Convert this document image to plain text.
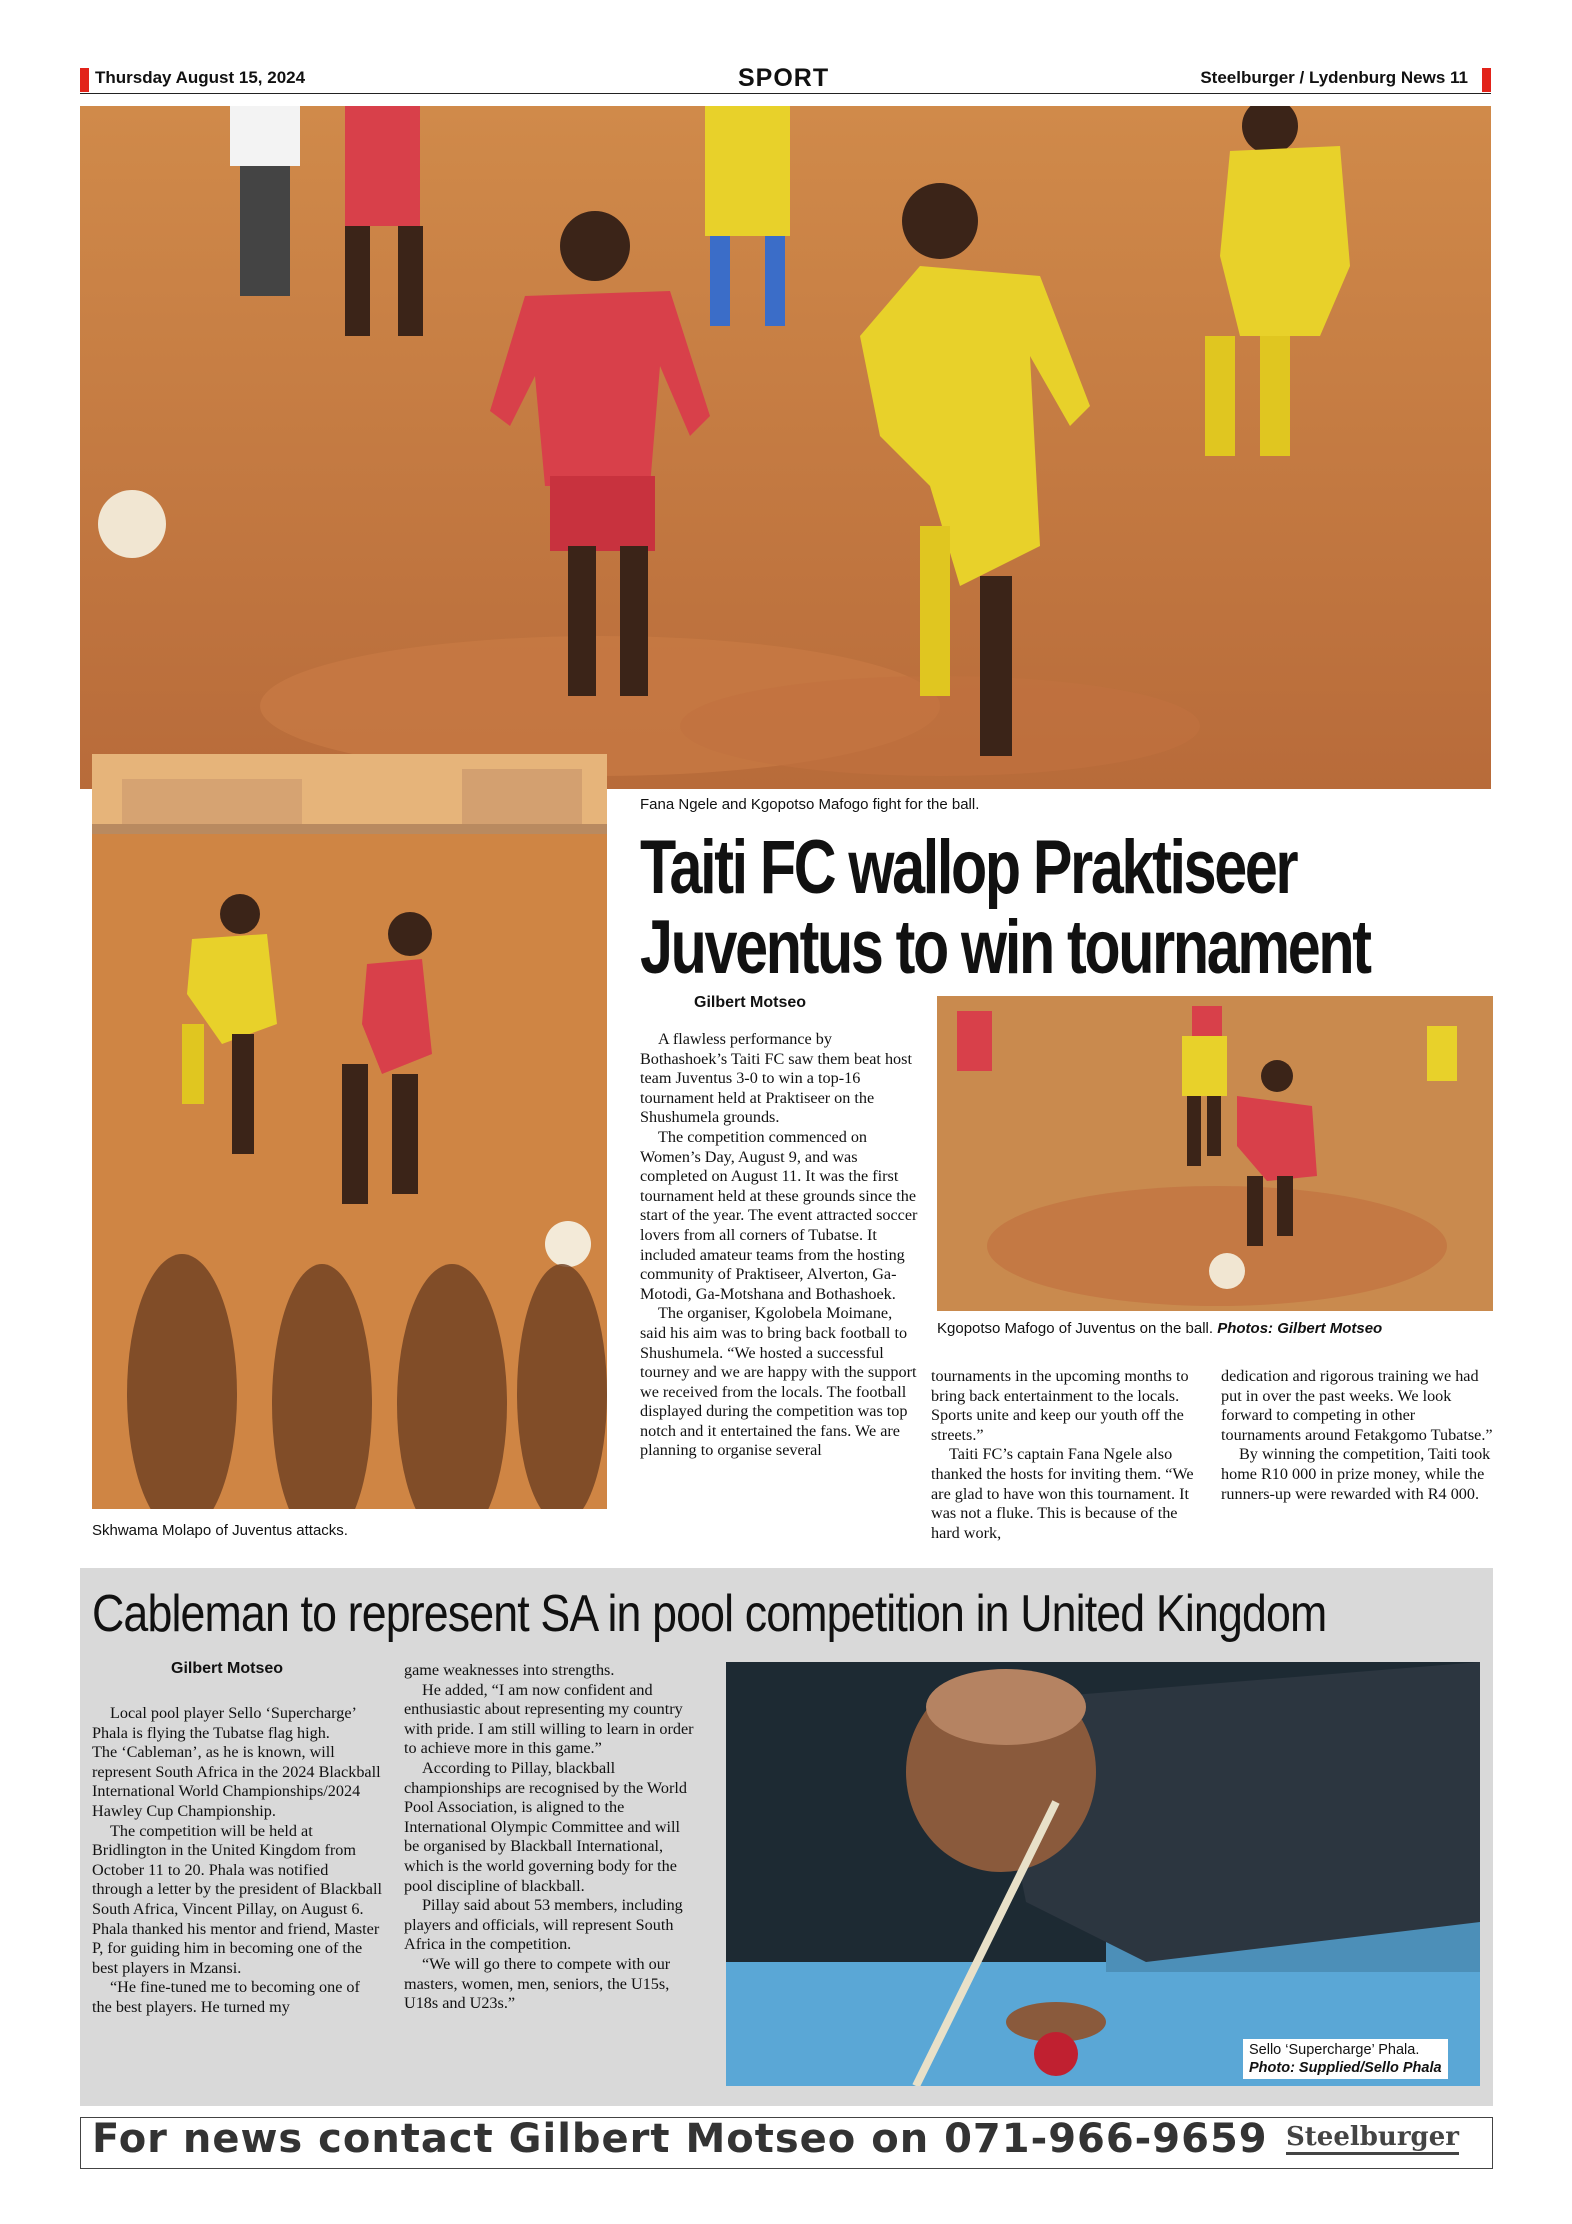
Thursday August 15, 2024	SPORT	Steelburger / Lydenburg News 11
Skhwama Molapo of Juventus attacks.
Fana Ngele and Kgopotso Mafogo fight for the ball.
Taiti FC wallop Praktiseer
Juventus to win tournament
Gilbert Motseo

A flawless performance by Bothashoek’s Taiti FC saw them beat host team Juventus 3-0 to win a top-16 tournament held at Praktiseer on the Shushumela grounds.

The competition commenced on Women’s Day, August 9, and was completed on August 11. It was the first tournament held at these grounds since the start of the year. The event attracted soccer lovers from all corners of Tubatse. It included amateur teams from the hosting community of Praktiseer, Alverton, Ga-Motodi, Ga-Motshana and Bothashoek.

The organiser, Kgolobela Moimane, said his aim was to bring back football to Shushumela. “We hosted a successful tourney and we are happy with the support we received from the locals. The football displayed during the competition was top notch and it entertained the fans. We are planning to organise several

Kgopotso Mafogo of Juventus on the ball. Photos: Gilbert Motseo

tournaments in the upcoming months to bring back entertainment to the locals. Sports unite and keep our youth off the streets.”

Taiti FC’s captain Fana Ngele also thanked the hosts for inviting them. “We are glad to have won this tournament. It was not a fluke. This is because of the hard work,

dedication and rigorous training we had put in over the past weeks. We look forward to competing in other tournaments around Fetakgomo Tubatse.”

By winning the competition, Taiti took home R10 000 in prize money, while the runners-up were rewarded with R4 000.

Cableman to represent SA in pool competition in United Kingdom
Gilbert Motseo

Local pool player Sello ‘Supercharge’ Phala is flying the Tubatse flag high.

The ‘Cableman’, as he is known, will represent South Africa in the 2024 Blackball International World Championships/2024 Hawley Cup Championship.

The competition will be held at Bridlington in the United Kingdom from October 11 to 20. Phala was notified through a letter by the president of Blackball South Africa, Vincent Pillay, on August 6. Phala thanked his mentor and friend, Master P, for guiding him in becoming one of the best players in Mzansi.

“He fine-tuned me to becoming one of the best players. He turned my

game weaknesses into strengths.

He added, “I am now confident and enthusiastic about representing my country with pride. I am still willing to learn in order to achieve more in this game.”

According to Pillay, blackball championships are recognised by the World Pool Association, is aligned to the International Olympic Committee and will be organised by Blackball International, which is the world governing body for the pool discipline of blackball.

Pillay said about 53 members, including players and officials, will represent South Africa in the competition.

“We will go there to compete with our masters, women, men, seniors, the U15s, U18s and U23s.”

Sello ‘Supercharge’ Phala.
Photo: Supplied/Sello Phala
For news contact Gilbert Motseo on 071-966-9659 Steelburger
